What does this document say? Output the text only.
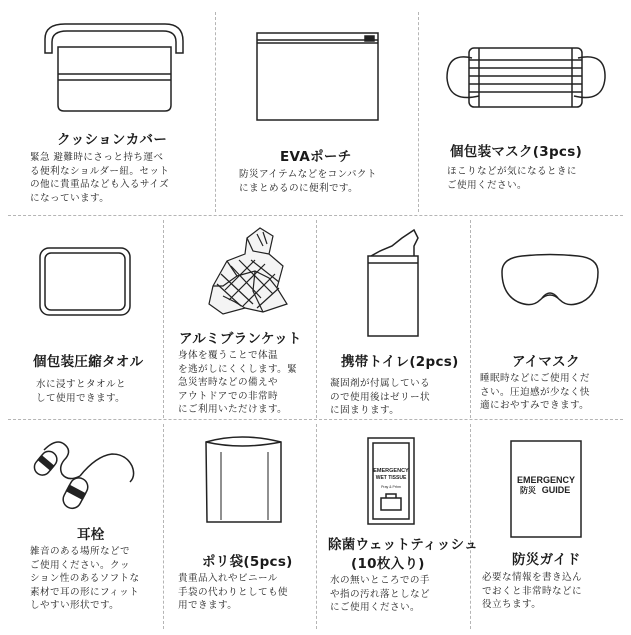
クッションカバー
緊急 避難時にさっと持ち運べ
る便利なショルダー紐。セット
の他に貴重品なども入るサイズ
になっています。
EVAポーチ
防災アイテムなどをコンパクト
にまとめるのに便利です。
個包装マスク(3pcs)
ほこりなどが気になるときに
ご使用ください。
個包装圧縮タオル
水に浸すとタオルと
して使用できます。
アルミブランケット
身体を覆うことで体温
を逃がしにくくします。緊
急災害時などの備えや
アウトドアでの非常時
にご利用いただけます。
携帯トイレ(2pcs)
凝固剤が付属している
ので使用後はゼリー状
に固まります。
アイマスク
睡眠時などにご使用くだ
さい。圧迫感が少なく快
適におやすみできます。
耳栓
雑音のある場所などで
ご使用ください。クッ
ション性のあるソフトな
素材で耳の形にフィット
しやすい形状です。
ポリ袋(5pcs)
貴重品入れやビニール
手袋の代わりとしても使
用できます。
EMERGENCY
WET TISSUE
Pray & Prhm
除菌ウェットティッシュ
(10枚入り)
水の無いところでの手
や指の汚れ落としなど
にご使用ください。
EMERGENCY
防災 GUIDE
防災ガイド
必要な情報を書き込ん
でおくと非常時などに
役立ちます。
